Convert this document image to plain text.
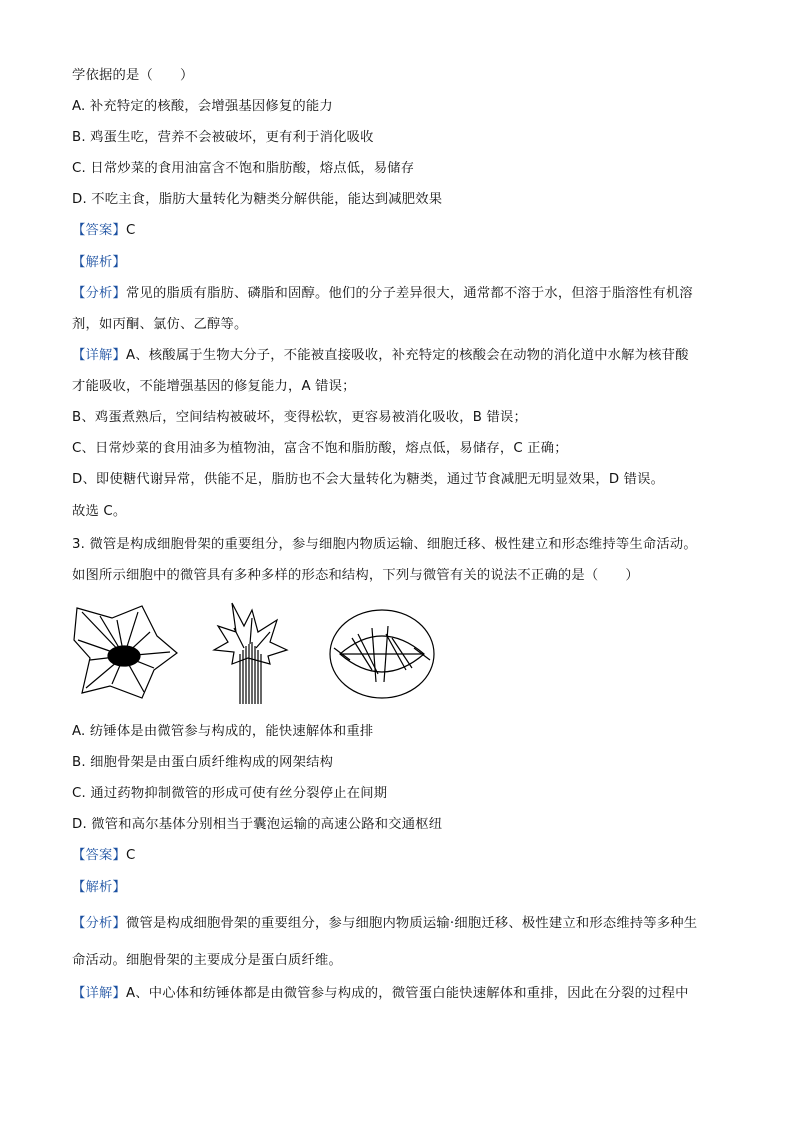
学依据的是（　　）
A. 补充特定的核酸，会增强基因修复的能力
B. 鸡蛋生吃，营养不会被破坏，更有利于消化吸收
C. 日常炒菜的食用油富含不饱和脂肪酸，熔点低，易储存
D. 不吃主食，脂肪大量转化为糖类分解供能，能达到减肥效果
【答案】C
【解析】
【分析】常见的脂质有脂肪、磷脂和固醇。他们的分子差异很大，通常都不溶于水，但溶于脂溶性有机溶
剂，如丙酮、氯仿、乙醇等。
【详解】A、核酸属于生物大分子，不能被直接吸收，补充特定的核酸会在动物的消化道中水解为核苷酸
才能吸收，不能增强基因的修复能力，A 错误；
B、鸡蛋煮熟后，空间结构被破坏，变得松软，更容易被消化吸收，B 错误；
C、日常炒菜的食用油多为植物油，富含不饱和脂肪酸，熔点低，易储存，C 正确；
D、即使糖代谢异常，供能不足，脂肪也不会大量转化为糖类，通过节食减肥无明显效果，D 错误。
故选 C。
3. 微管是构成细胞骨架的重要组分，参与细胞内物质运输、细胞迁移、极性建立和形态维持等生命活动。
如图所示细胞中的微管具有多种多样的形态和结构，下列与微管有关的说法不正确的是（　　）
A. 纺锤体是由微管参与构成的，能快速解体和重排
B. 细胞骨架是由蛋白质纤维构成的网架结构
C. 通过药物抑制微管的形成可使有丝分裂停止在间期
D. 微管和高尔基体分别相当于囊泡运输的高速公路和交通枢纽
【答案】C
【解析】
【分析】微管是构成细胞骨架的重要组分，参与细胞内物质运输·细胞迁移、极性建立和形态维持等多种生
命活动。细胞骨架的主要成分是蛋白质纤维。
【详解】A、中心体和纺锤体都是由微管参与构成的，微管蛋白能快速解体和重排，因此在分裂的过程中
